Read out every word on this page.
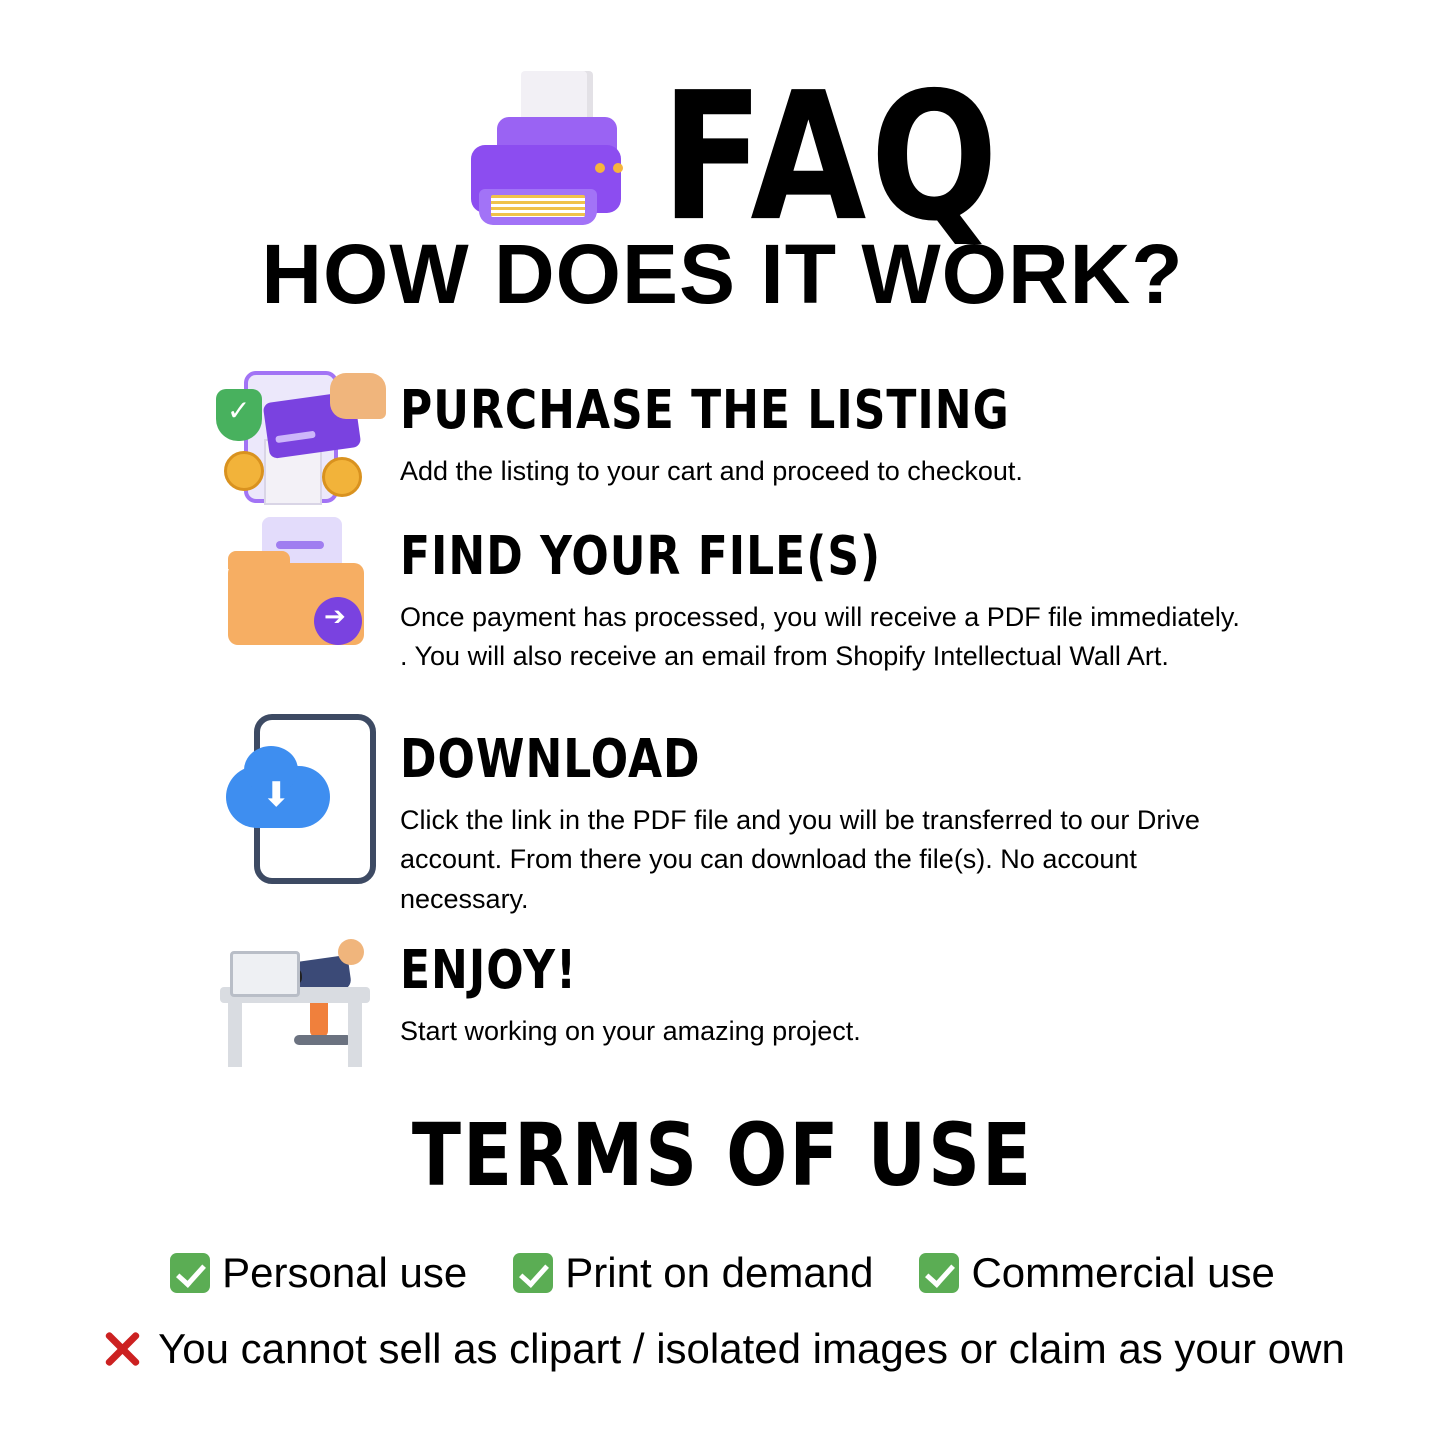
FAQ
HOW DOES IT WORK?
✓
PURCHASE THE LISTING
Add the listing to your cart and proceed to checkout.
➔
FIND YOUR FILE(S)
Once payment has processed, you will receive a PDF file immediately. . You will also receive an email from Shopify Intellectual Wall Art.
⬇
DOWNLOAD
Click the link in the PDF file and you will be transferred to our Drive account. From there you can download the file(s). No account necessary.
ENJOY!
Start working on your amazing project.
TERMS OF USE
Personal use Print on demand Commercial use
You cannot sell as clipart / isolated images or claim as your own
